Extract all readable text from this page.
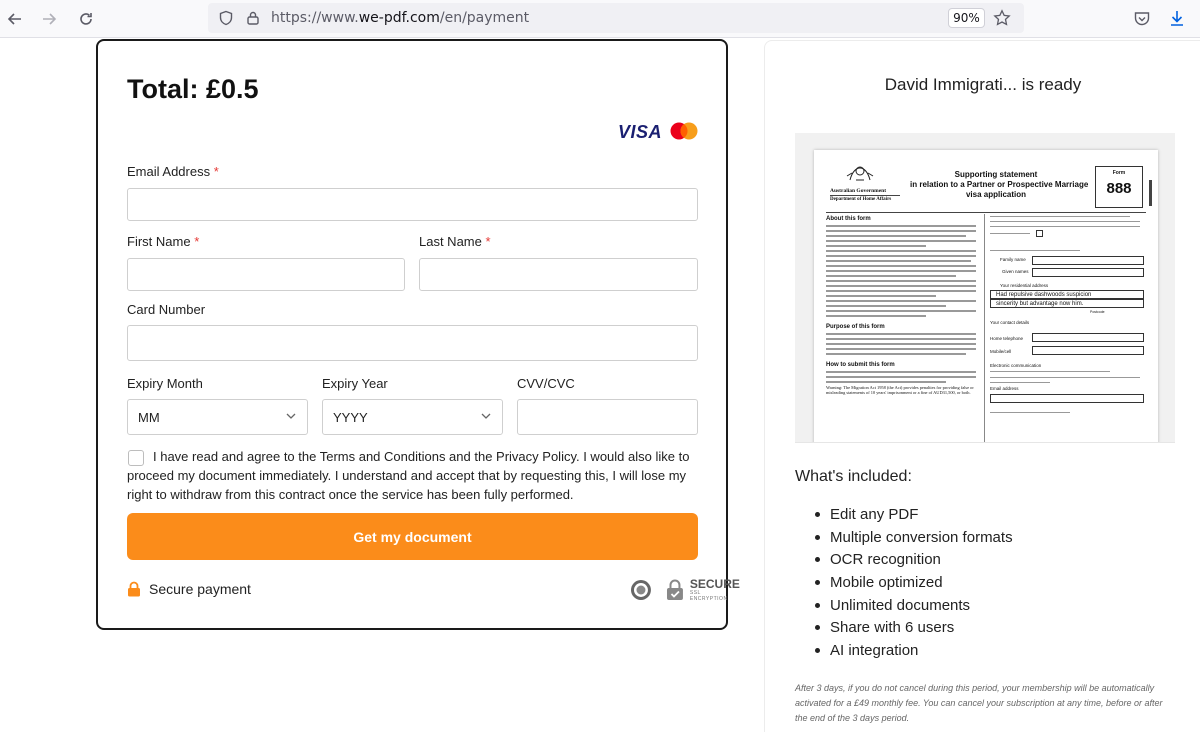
https://www.we-pdf.com/en/payment	90%
Total: £0.5
VISA
Email Address *
First Name *	Last Name *
Card Number
Expiry Month
MM
Expiry Year
YYYY
CVV/CVC
I have read and agree to the Terms and Conditions and the Privacy Policy. I would also like to proceed my document immediately. I understand and accept that by requesting this, I will lose my right to withdraw from this contract once the service has been fully performed.
Get my document
Secure payment	SECURE
SSL ENCRYPTION
David Immigrati... is ready
Australian Government
Department of Home Affairs
Supporting statement
in relation to a Partner or Prospective Marriage
visa application
Form
888
About this form
Purpose of this form
How to submit this form
Warning: The Migration Act 1958 (the Act) provides penalties for providing false or misleading statements of 10 years' imprisonment or a fine of AUD31,500, or both.
Family name
Given names
Your residential address
Had repulsive dashwoods suspicion
sincerity but advantage now him.
Postcode
Your contact details
Home telephone
Mobile/cell
Electronic communication
Email address
What's included:
Edit any PDF
Multiple conversion formats
OCR recognition
Mobile optimized
Unlimited documents
Share with 6 users
AI integration
After 3 days, if you do not cancel during this period, your membership will be automatically activated for a £49 monthly fee. You can cancel your subscription at any time, before or after the end of the 3 days period.
